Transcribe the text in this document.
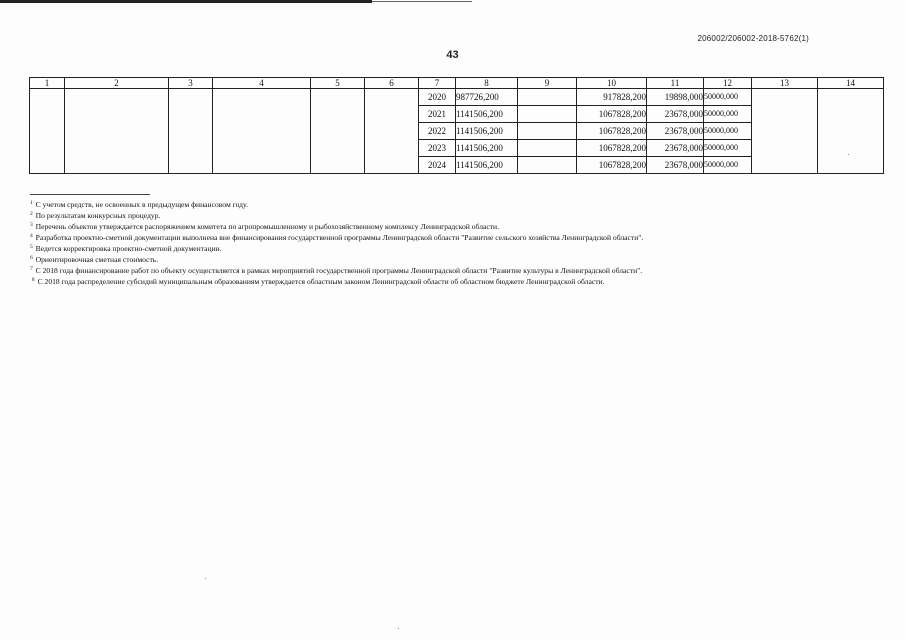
206002/206002-2018-5762(1)
43
1	2	3	4	5	6	7	8	9	10	11	12	13	14
						2020	987726,200		917828,200	19898,000	50000,000		
						2021	1141506,200		1067828,200	23678,000	50000,000		
						2022	1141506,200		1067828,200	23678,000	50000,000		
						2023	1141506,200		1067828,200	23678,000	50000,000		
						2024	1141506,200		1067828,200	23678,000	50000,000		
$^1$ С учетом средств, не освоенных в предыдущем финансовом году.
$^2$ По результатам конкурсных процедур.
$^3$ Перечень объектов утверждается распоряжением комитета по агропромышленному и рыбохозяйственному комплексу Ленинградской области.
$^4$ Разработка проектно-сметной документации выполнена вне финансирования государственной программы Ленинградской области "Развитие сельского хозяйства Ленинградской области".
$^5$ Ведется корректировка проектно-сметной документации.
$^6$ Ориентировочная сметная стоимость.
$^7$ С 2018 года финансирование работ по объекту осуществляется в рамках мероприятий государственной программы Ленинградской области "Развитие культуры в Ленинградской области".
$^8$ С 2018 года распределение субсидий муниципальным образованиям утверждается областным законом Ленинградской области об областном бюджете Ленинградской области.
